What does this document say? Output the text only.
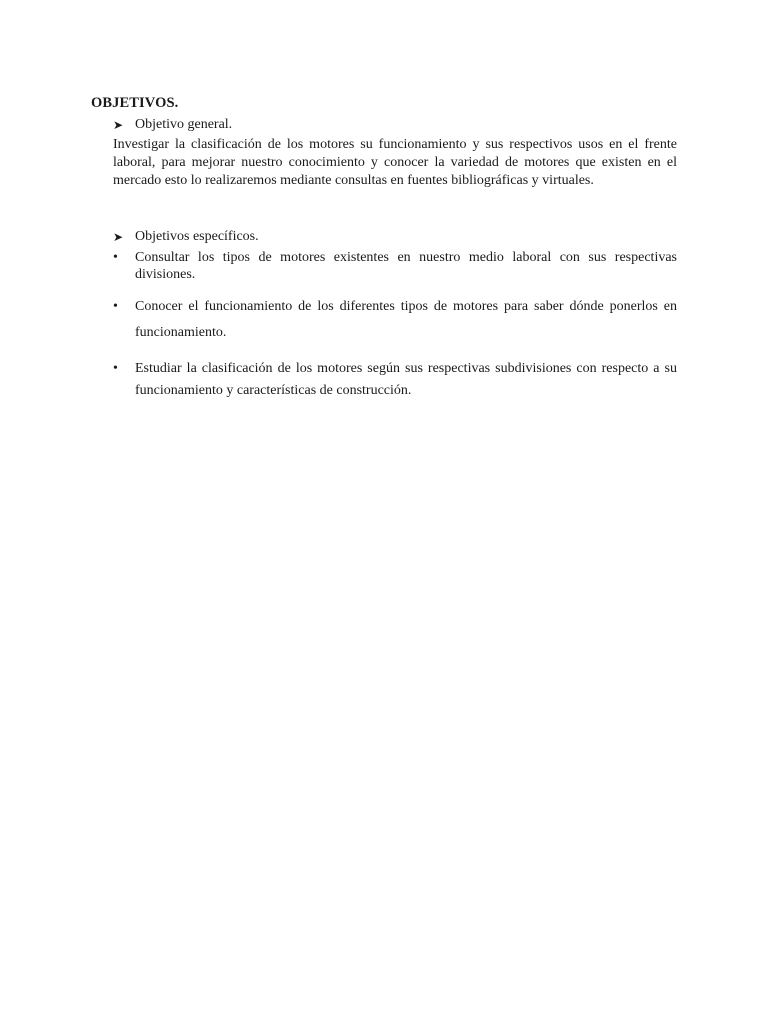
OBJETIVOS.
➤ Objetivo general.
Investigar la clasificación de los motores su funcionamiento y sus respectivos usos en el frente laboral, para mejorar nuestro conocimiento y conocer la variedad de motores que existen en el mercado esto lo realizaremos mediante consultas en fuentes bibliográficas y virtuales.
➤ Objetivos específicos.
•	Consultar los tipos de motores existentes en nuestro medio laboral con sus respectivas divisiones.
•	Conocer el funcionamiento de los diferentes tipos de motores para saber dónde ponerlos en funcionamiento.
•	Estudiar la clasificación de los motores según sus respectivas subdivisiones con respecto a su funcionamiento y características de construcción.
